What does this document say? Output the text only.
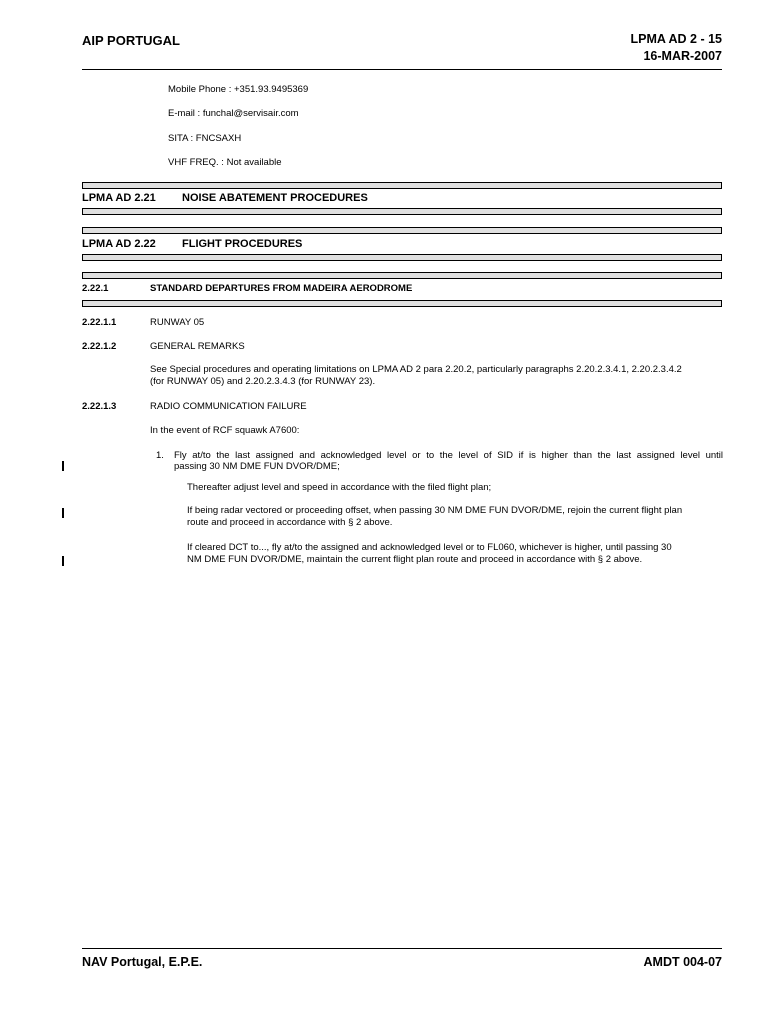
AIP PORTUGAL	LPMA AD 2 - 15
16-MAR-2007
Mobile Phone : +351.93.9495369
E-mail : funchal@servisair.com
SITA : FNCSAXH
VHF FREQ. : Not available
LPMA AD 2.21 NOISE ABATEMENT PROCEDURES
LPMA AD 2.22 FLIGHT PROCEDURES
2.22.1	STANDARD DEPARTURES FROM MADEIRA AERODROME
2.22.1.1	RUNWAY 05
2.22.1.2	GENERAL REMARKS
See Special procedures and operating limitations on LPMA AD 2 para 2.20.2, particularly paragraphs 2.20.2.3.4.1, 2.20.2.3.4.2
(for RUNWAY 05) and 2.20.2.3.4.3 (for RUNWAY 23).
2.22.1.3	RADIO COMMUNICATION FAILURE
In the event of RCF squawk A7600:
1. Fly at/to the last assigned and acknowledged level or to the level of SID if is higher than the last assigned level until
passing 30 NM DME FUN DVOR/DME;
Thereafter adjust level and speed in accordance with the filed flight plan;
If being radar vectored or proceeding offset, when passing 30 NM DME FUN DVOR/DME, rejoin the current flight plan
route and proceed in accordance with § 2 above.
If cleared DCT to..., fly at/to the assigned and acknowledged level or to FL060, whichever is higher, until passing 30
NM DME FUN DVOR/DME, maintain the current flight plan route and proceed in accordance with § 2 above.
NAV Portugal, E.P.E.	AMDT 004-07
